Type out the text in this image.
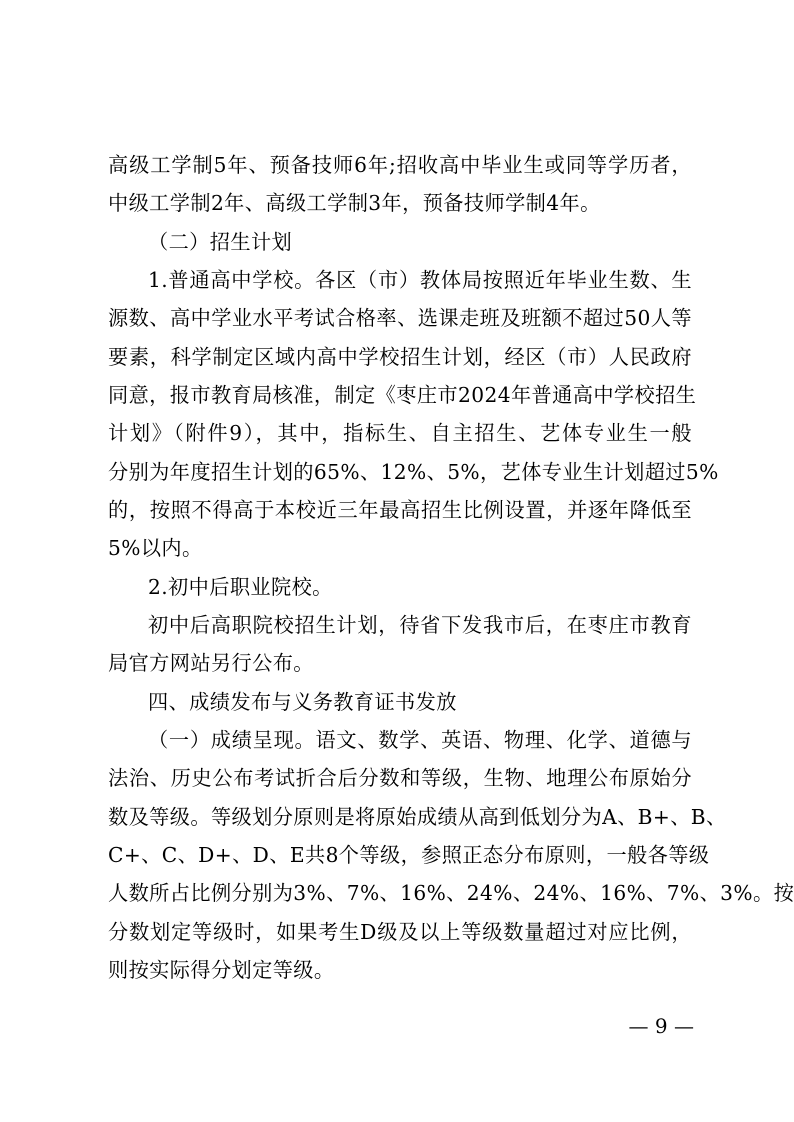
高级工学制5年、预备技师6年;招收高中毕业生或同等学历者，
中级工学制2年、高级工学制3年，预备技师学制4年。
（二）招生计划
1.普通高中学校。各区（市）教体局按照近年毕业生数、生
源数、高中学业水平考试合格率、选课走班及班额不超过50人等
要素，科学制定区域内高中学校招生计划，经区（市）人民政府
同意，报市教育局核准，制定《枣庄市2024年普通高中学校招生
计划》（附件9），其中，指标生、自主招生、艺体专业生一般
分别为年度招生计划的65%、12%、5%，艺体专业生计划超过5%
的，按照不得高于本校近三年最高招生比例设置，并逐年降低至
5%以内。
2.初中后职业院校。
初中后高职院校招生计划，待省下发我市后，在枣庄市教育
局官方网站另行公布。
四、成绩发布与义务教育证书发放
（一）成绩呈现。语文、数学、英语、物理、化学、道德与
法治、历史公布考试折合后分数和等级，生物、地理公布原始分
数及等级。等级划分原则是将原始成绩从高到低划分为A、B+、B、
C+、C、D+、D、E共8个等级，参照正态分布原则，一般各等级
人数所占比例分别为3%、7%、16%、24%、24%、16%、7%、3%。按
分数划定等级时，如果考生D级及以上等级数量超过对应比例，
则按实际得分划定等级。
— 9 —
